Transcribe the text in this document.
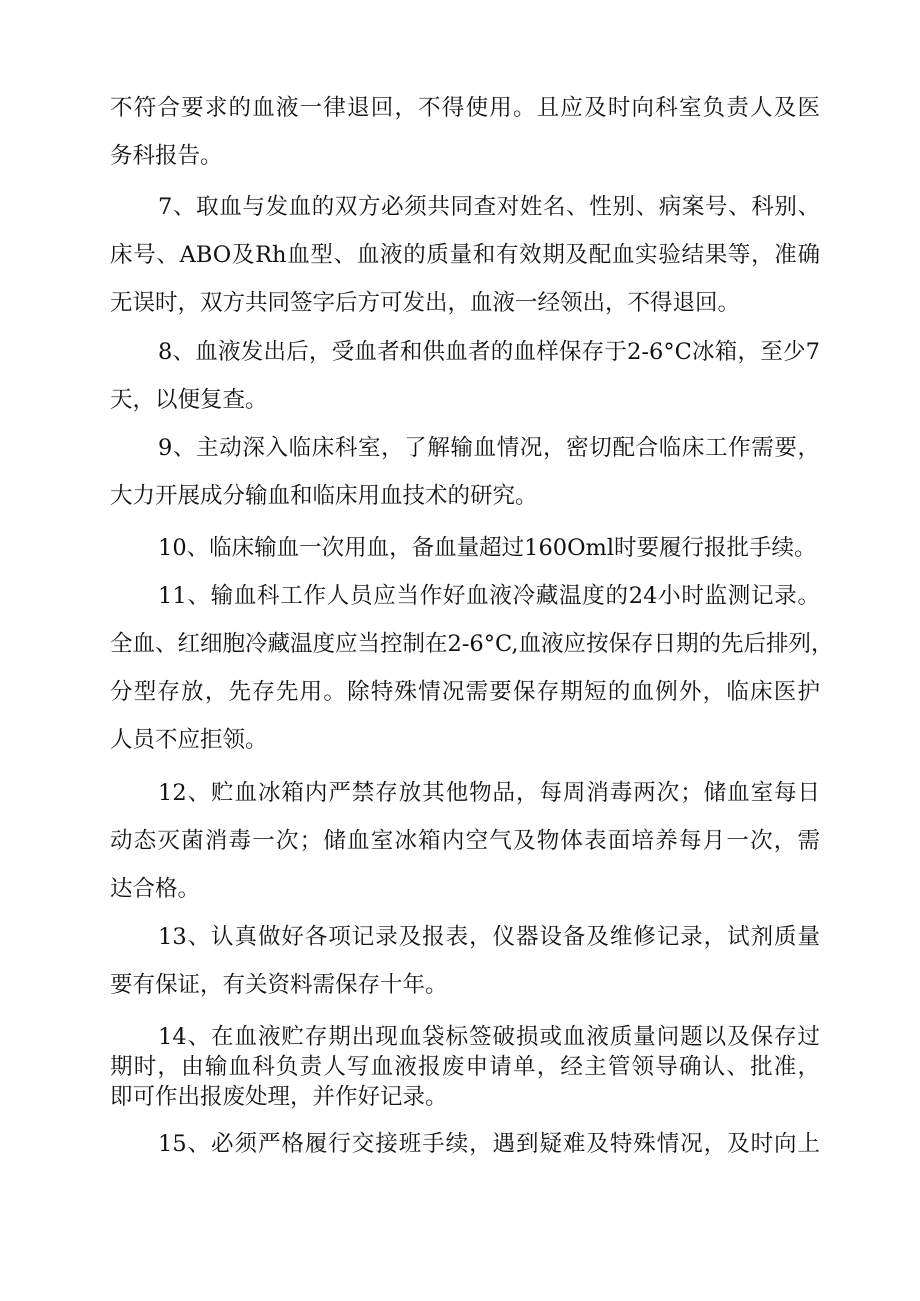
不符合要求的血液一律退回，不得使用。且应及时向科室负责人及医
务科报告。
7、取血与发血的双方必须共同查对姓名、性别、病案号、科别、
床号、ABO及Rh血型、血液的质量和有效期及配血实验结果等，准确
无误时，双方共同签字后方可发出，血液一经领出，不得退回。
8、血液发出后，受血者和供血者的血样保存于2-6°C冰箱，至少7
天，以便复查。
9、主动深入临床科室，了解输血情况，密切配合临床工作需要，
大力开展成分输血和临床用血技术的研究。
10、临床输血一次用血，备血量超过160Oml时要履行报批手续。
11、输血科工作人员应当作好血液冷藏温度的24小时监测记录。
全血、红细胞冷藏温度应当控制在2-6°C,血液应按保存日期的先后排列，
分型存放，先存先用。除特殊情况需要保存期短的血例外，临床医护
人员不应拒领。
12、贮血冰箱内严禁存放其他物品，每周消毒两次；储血室每日
动态灭菌消毒一次；储血室冰箱内空气及物体表面培养每月一次，需
达合格。
13、认真做好各项记录及报表，仪器设备及维修记录，试剂质量
要有保证，有关资料需保存十年。
14、在血液贮存期出现血袋标签破损或血液质量问题以及保存过
期时，由输血科负责人写血液报废申请单，经主管领导确认、批准，
即可作出报废处理，并作好记录。
15、必须严格履行交接班手续，遇到疑难及特殊情况，及时向上
